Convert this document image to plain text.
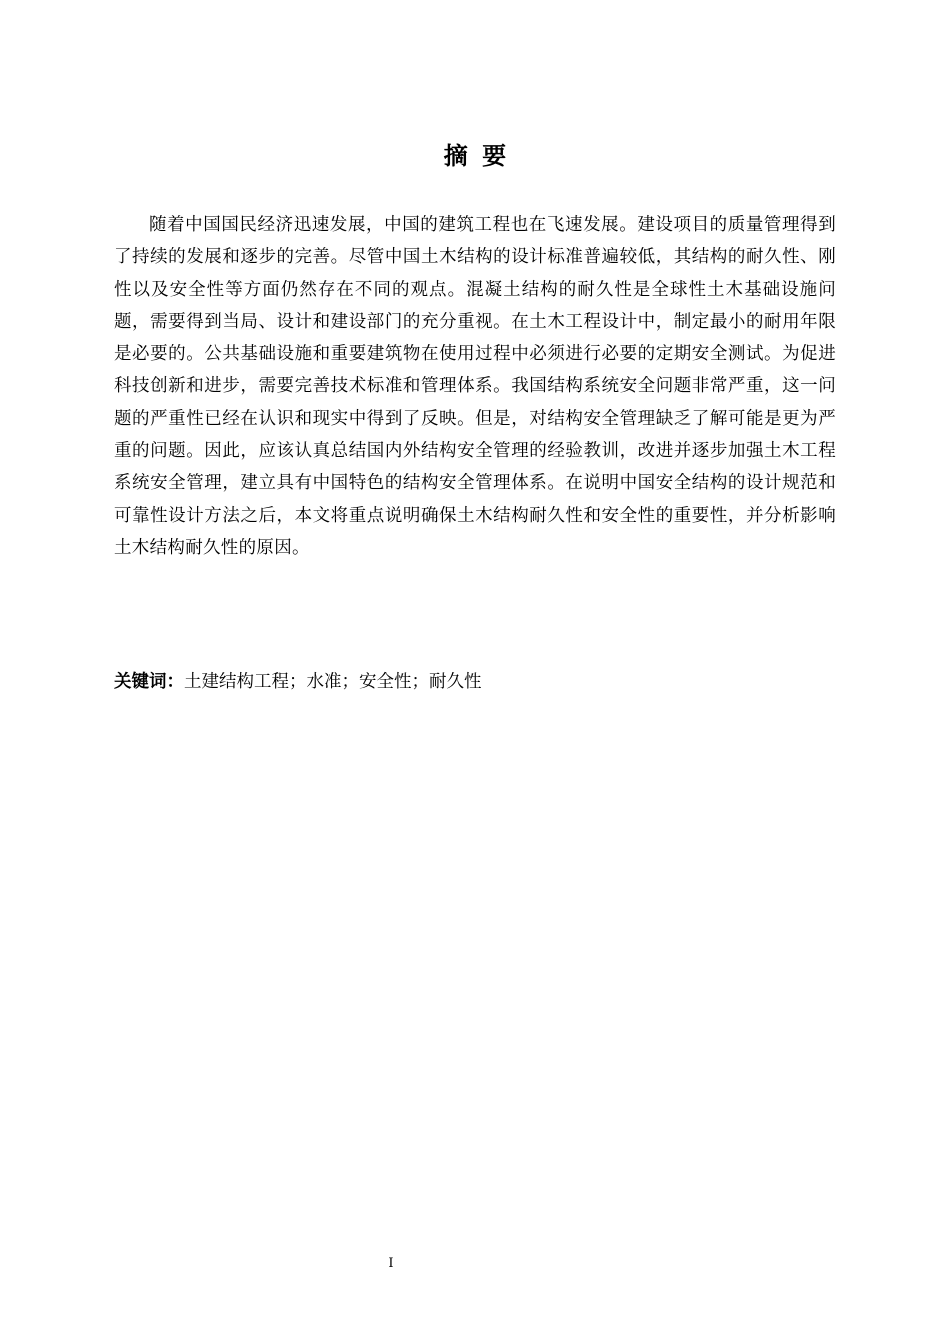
摘要

随着中国国民经济迅速发展，中国的建筑工程也在飞速发展。建设项目的质量管理得到了持续的发展和逐步的完善。尽管中国土木结构的设计标准普遍较低，其结构的耐久性、刚性以及安全性等方面仍然存在不同的观点。混凝土结构的耐久性是全球性土木基础设施问题，需要得到当局、设计和建设部门的充分重视。在土木工程设计中，制定最小的耐用年限是必要的。公共基础设施和重要建筑物在使用过程中必须进行必要的定期安全测试。为促进科技创新和进步，需要完善技术标准和管理体系。我国结构系统安全问题非常严重，这一问题的严重性已经在认识和现实中得到了反映。但是，对结构安全管理缺乏了解可能是更为严重的问题。因此，应该认真总结国内外结构安全管理的经验教训，改进并逐步加强土木工程系统安全管理，建立具有中国特色的结构安全管理体系。在说明中国安全结构的设计规范和可靠性设计方法之后，本文将重点说明确保土木结构耐久性和安全性的重要性，并分析影响土木结构耐久性的原因。

关键词：土建结构工程；水准；安全性；耐久性

I
